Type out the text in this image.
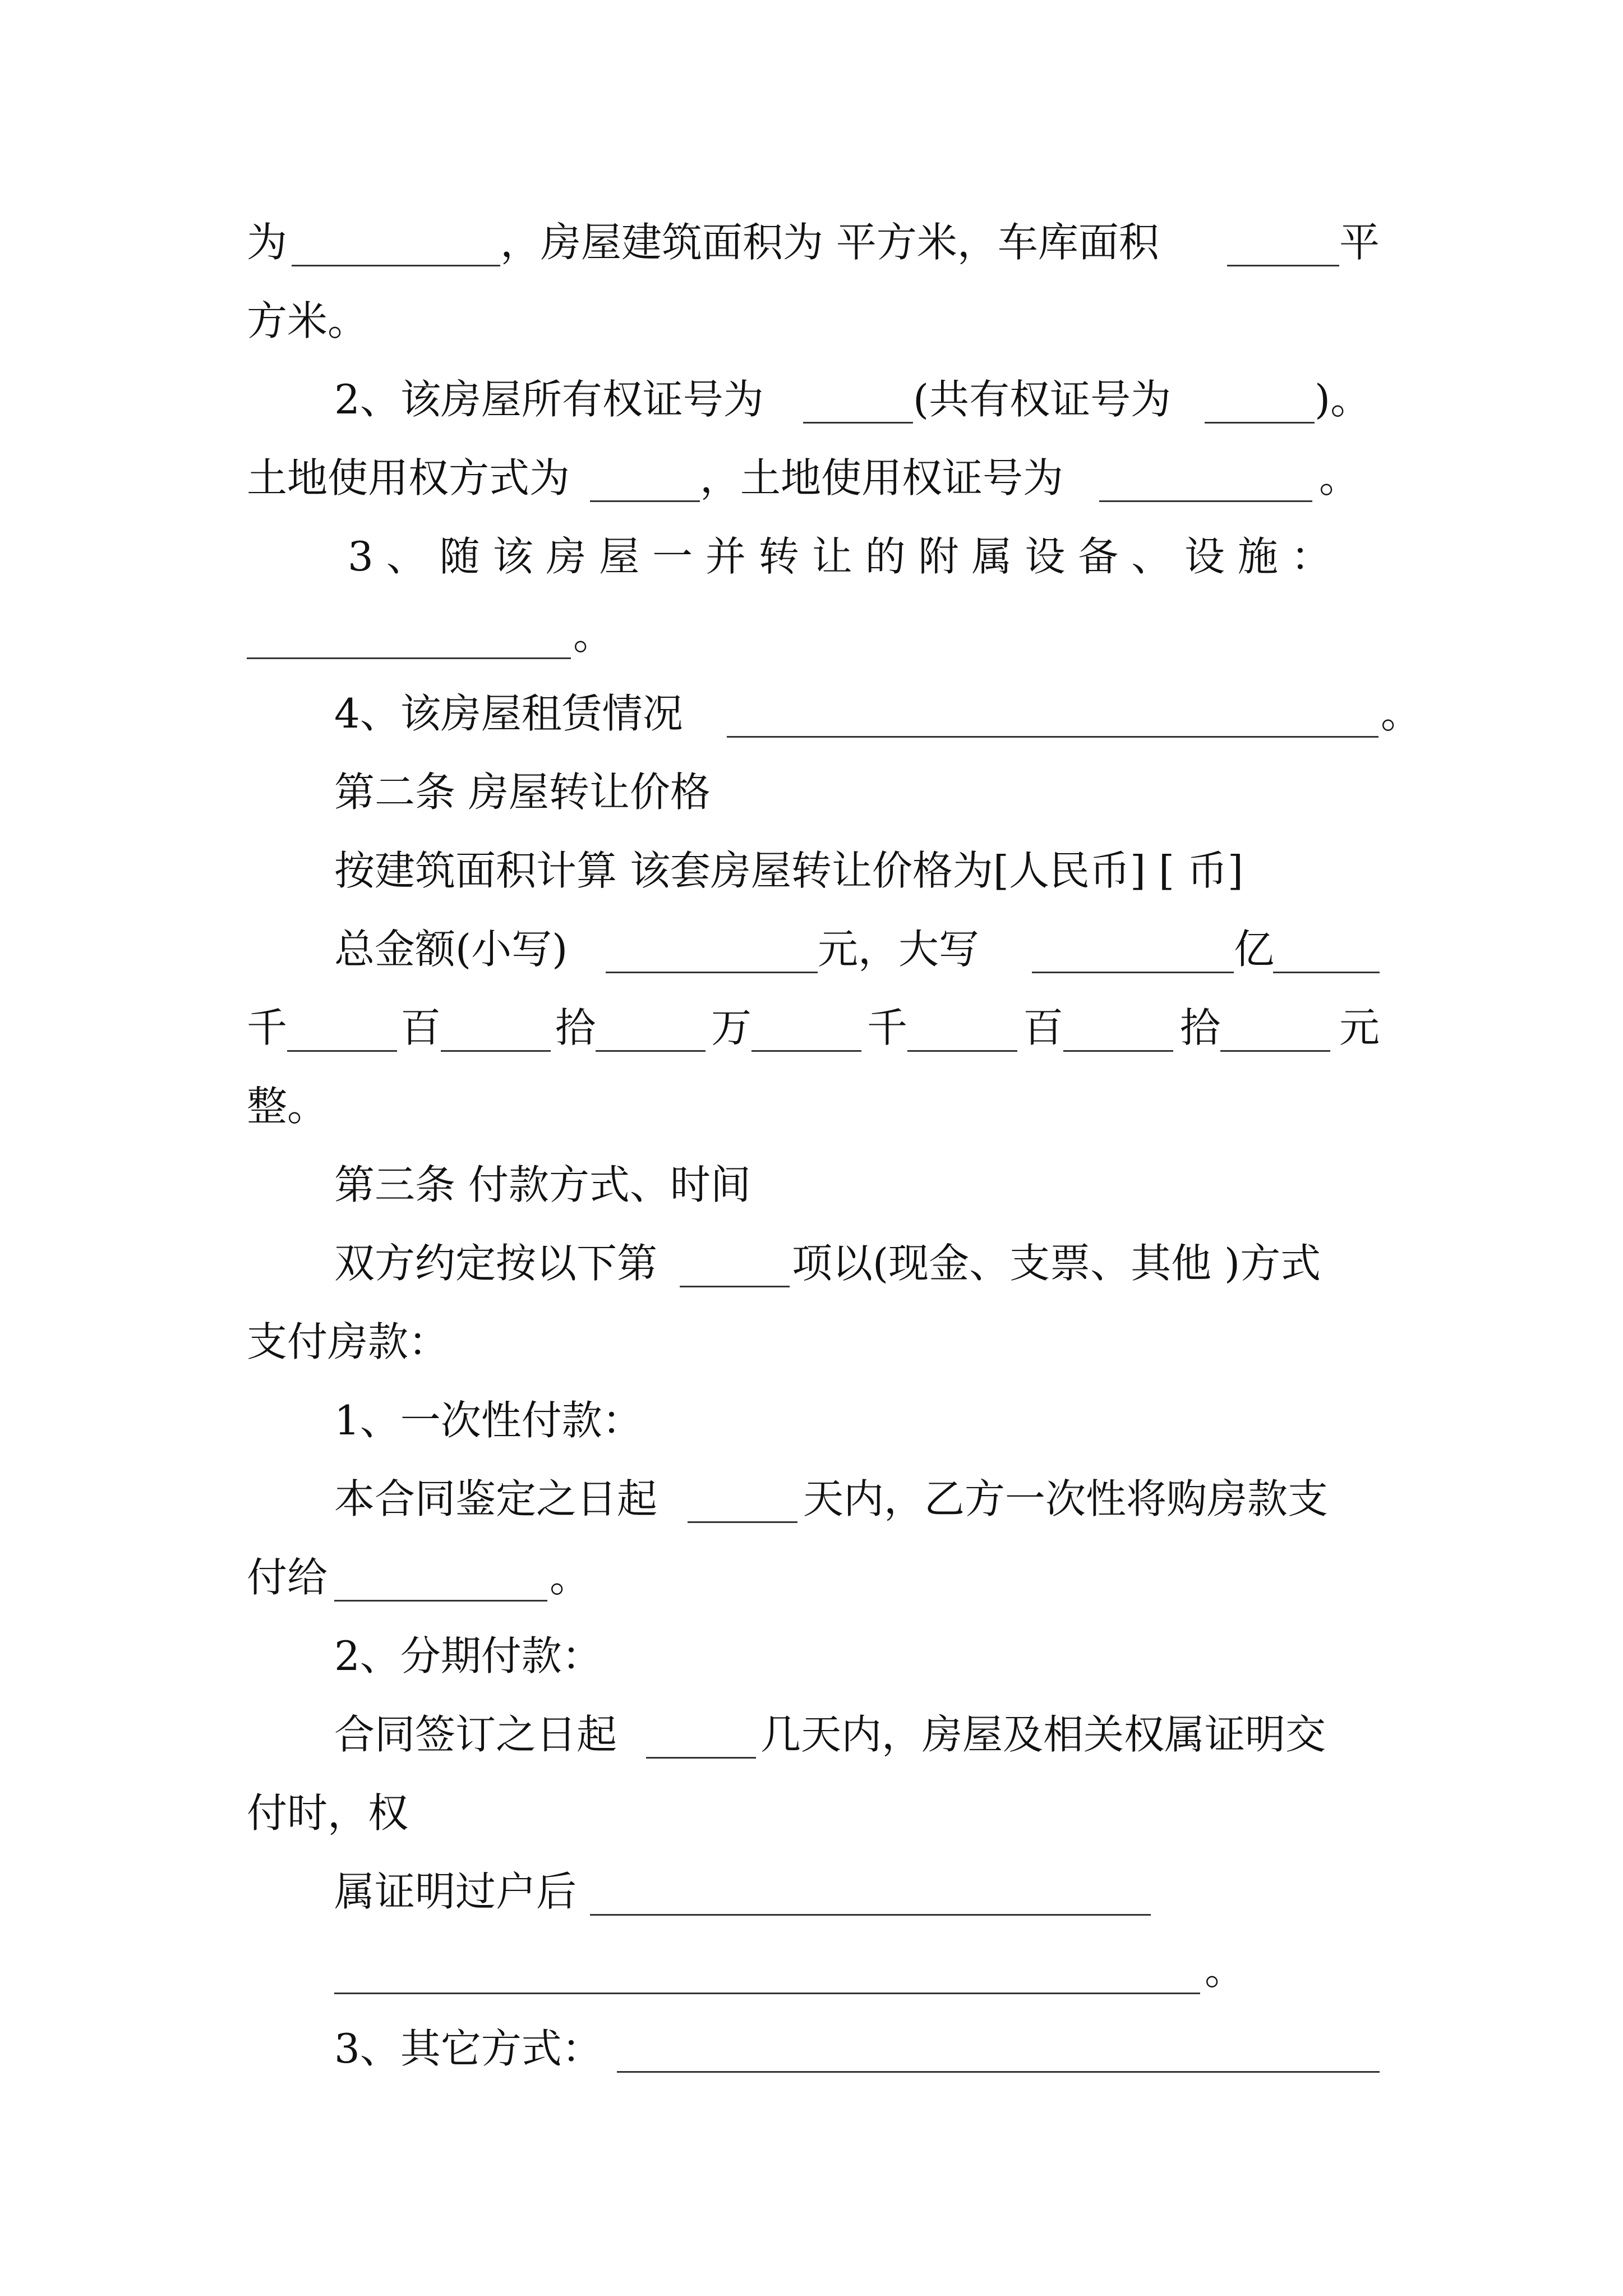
为	，房屋建筑面积为 平方米，车库面积	平
方米。
2、该房屋所有权证号为	(共有权证号为	)。
土地使用权方式为	，土地使用权证号为	。
3 、 随 该 房 屋 一 并 转 让 的 附 属 设 备 、 设 施 ：
。
4、该房屋租赁情况	。
第二条 房屋转让价格
按建筑面积计算 该套房屋转让价格为[人民币] [ 币]
总金额(小写)	元，大写	亿
千	百	拾	万	千	百	拾	元
整。
第三条 付款方式、时间
双方约定按以下第	项以(现金、支票、其他 )方式
支付房款：
1、一次性付款：
本合同鉴定之日起	天内，乙方一次性将购房款支
付给	。
2、分期付款：
合同签订之日起	几天内，房屋及相关权属证明交
付时，权
属证明过户后
。
3、其它方式：
